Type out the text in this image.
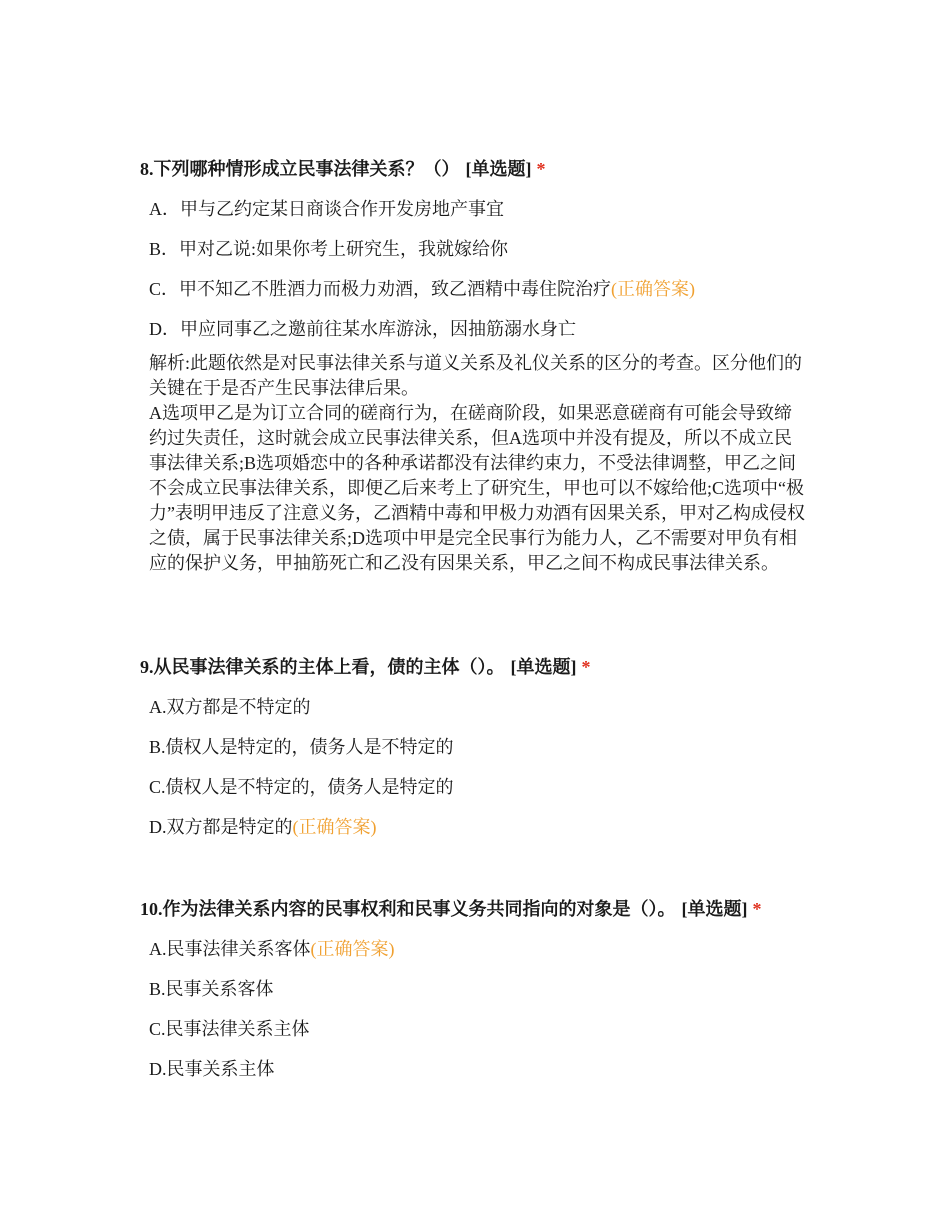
8.下列哪种情形成立民事法律关系？（） [单选题] *
A．甲与乙约定某日商谈合作开发房地产事宜
B．甲对乙说:如果你考上研究生，我就嫁给你
C．甲不知乙不胜酒力而极力劝酒，致乙酒精中毒住院治疗(正确答案)
D．甲应同事乙之邀前往某水库游泳，因抽筋溺水身亡

解析:此题依然是对民事法律关系与道义关系及礼仪关系的区分的考查。区分他们的关键在于是否产生民事法律后果。

A选项甲乙是为订立合同的磋商行为，在磋商阶段，如果恶意磋商有可能会导致缔约过失责任，这时就会成立民事法律关系，但A选项中并没有提及，所以不成立民事法律关系;B选项婚恋中的各种承诺都没有法律约束力，不受法律调整，甲乙之间不会成立民事法律关系，即便乙后来考上了研究生，甲也可以不嫁给他;C选项中“极力”表明甲违反了注意义务，乙酒精中毒和甲极力劝酒有因果关系，甲对乙构成侵权之债，属于民事法律关系;D选项中甲是完全民事行为能力人，乙不需要对甲负有相应的保护义务，甲抽筋死亡和乙没有因果关系，甲乙之间不构成民事法律关系。

9.从民事法律关系的主体上看，债的主体（）。 [单选题] *
A.双方都是不特定的
B.债权人是特定的，债务人是不特定的
C.债权人是不特定的，债务人是特定的
D.双方都是特定的(正确答案)
10.作为法律关系内容的民事权利和民事义务共同指向的对象是（）。 [单选题] *
A.民事法律关系客体(正确答案)
B.民事关系客体
C.民事法律关系主体
D.民事关系主体
